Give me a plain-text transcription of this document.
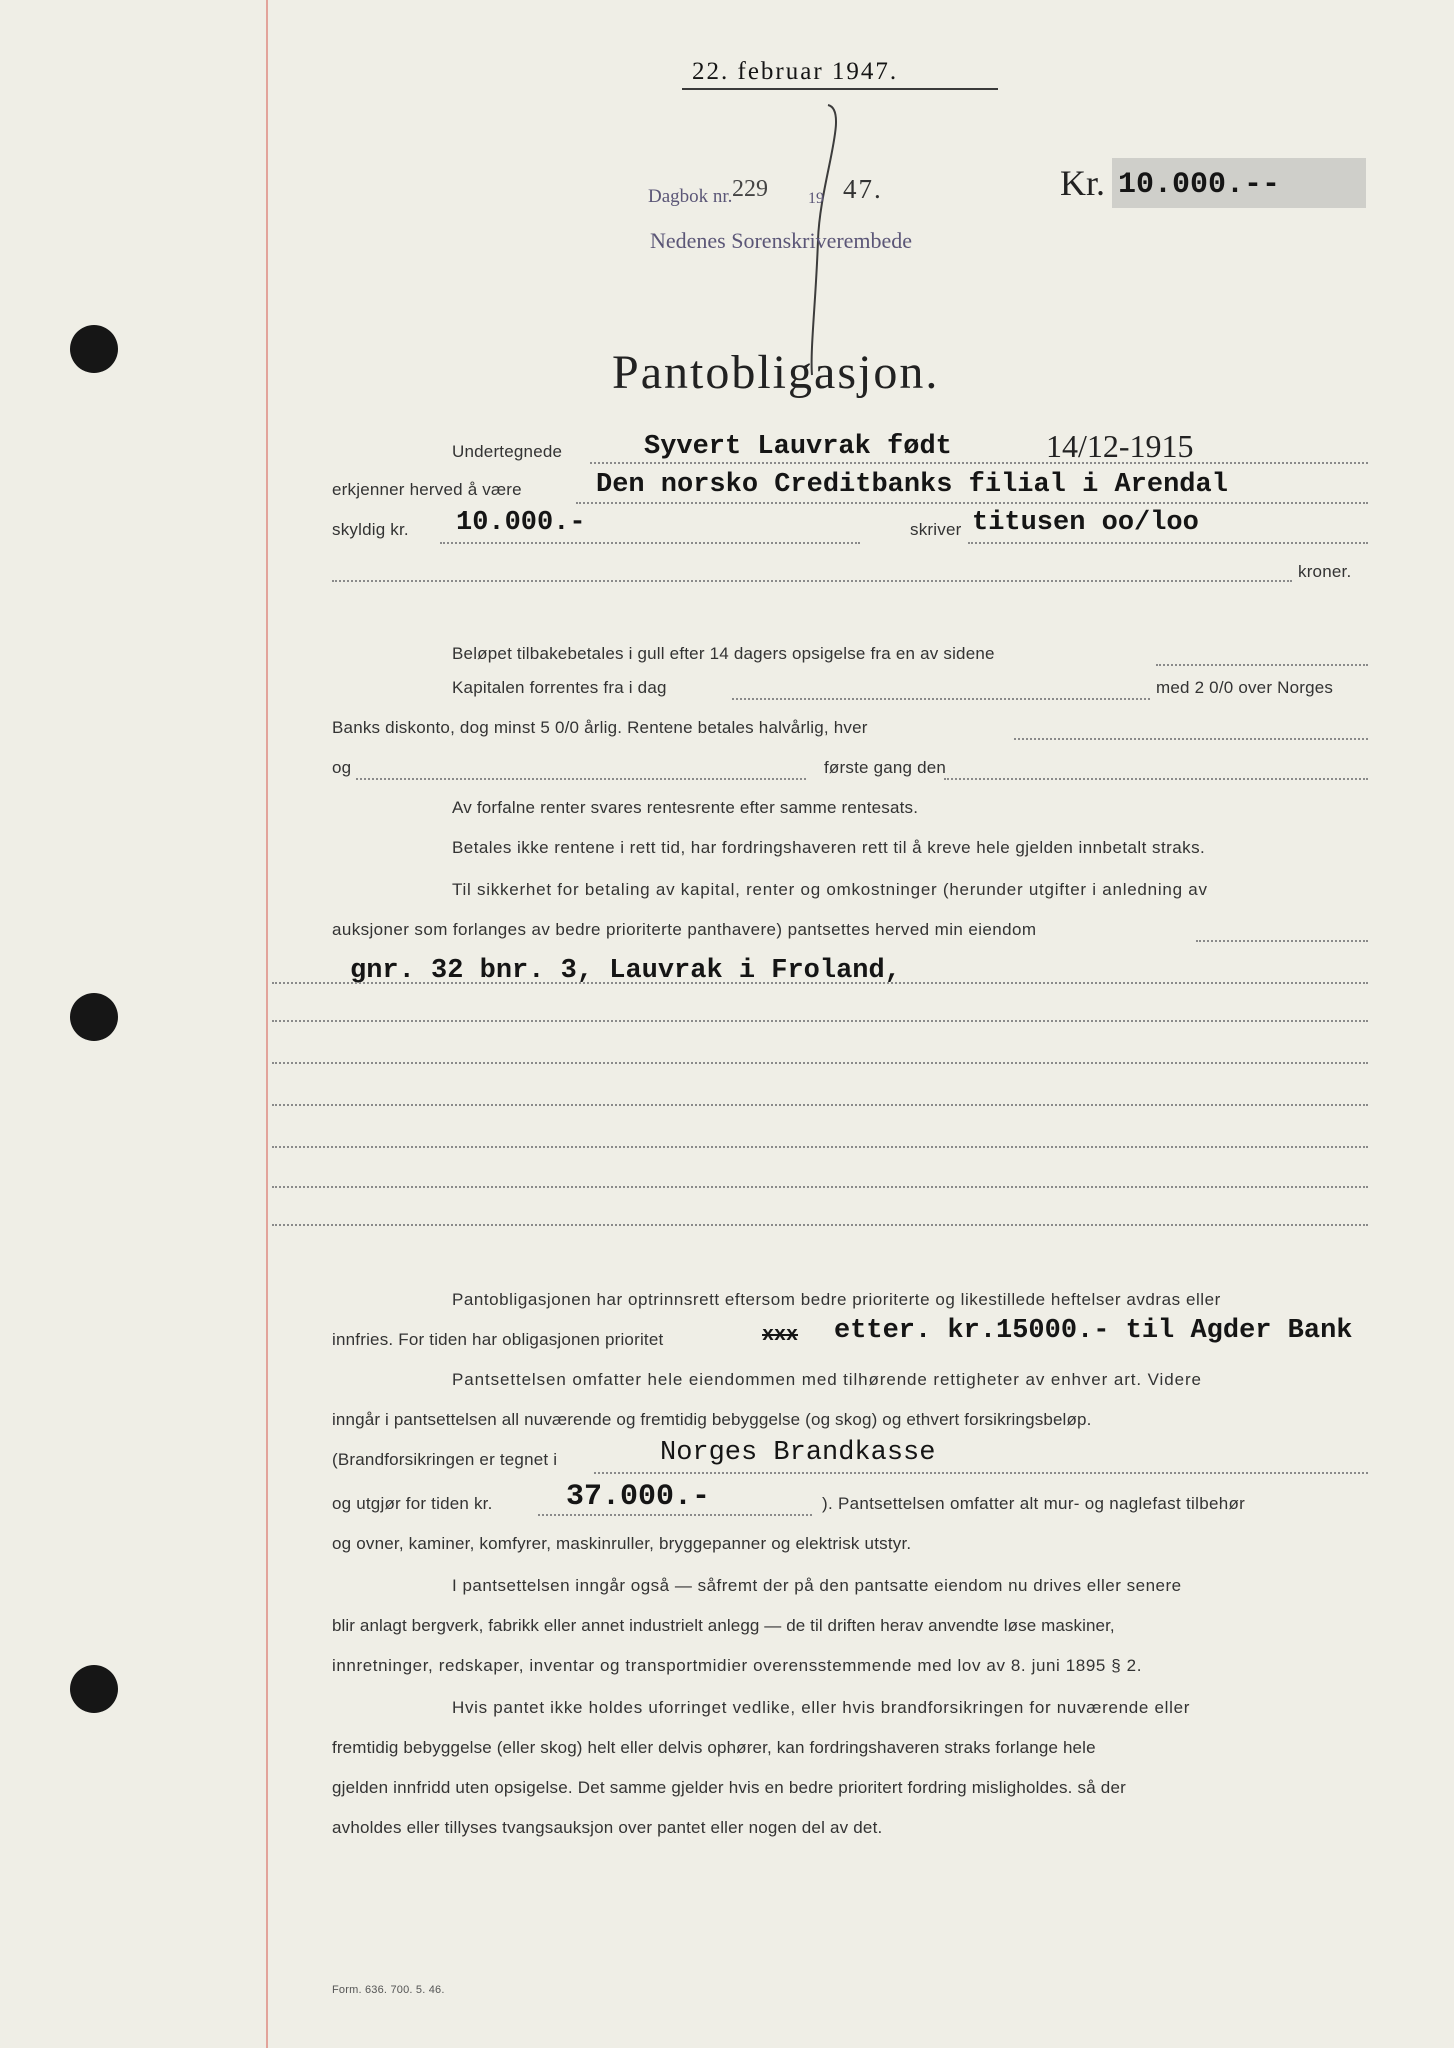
22. februar 1947.
Dagbok nr. 229	19 47.
Nedenes Sorenskriverembede
Kr. 10.000.--
Pantobligasjon.
Undertegnede	Syvert Lauvrak født	14/12-1915
erkjenner herved å være	Den norsko Creditbanks filial i Arendal
skyldig kr. 10.000.-	skriver titusen oo/loo
kroner.
Beløpet tilbakebetales i gull efter 14 dagers opsigelse fra en av sidene
Kapitalen forrentes fra i dag	med 2 0/0 over Norges
Banks diskonto, dog minst 5 0/0 årlig. Rentene betales halvårlig, hver
og	første gang den
Av forfalne renter svares rentesrente efter samme rentesats.
Betales ikke rentene i rett tid, har fordringshaveren rett til å kreve hele gjelden innbetalt straks.
Til sikkerhet for betaling av kapital, renter og omkostninger (herunder utgifter i anledning av
auksjoner som forlanges av bedre prioriterte panthavere) pantsettes herved min eiendom
gnr. 32 bnr. 3, Lauvrak i Froland,
Pantobligasjonen har optrinnsrett eftersom bedre prioriterte og likestillede heftelser avdras eller
innfries. For tiden har obligasjonen prioritet	xxx etter. kr.15000.- til Agder Bank
Pantsettelsen omfatter hele eiendommen med tilhørende rettigheter av enhver art. Videre
inngår i pantsettelsen all nuværende og fremtidig bebyggelse (og skog) og ethvert forsikringsbeløp.
(Brandforsikringen er tegnet i	Norges Brandkasse
og utgjør for tiden kr. 37.000.-	). Pantsettelsen omfatter alt mur- og naglefast tilbehør
og ovner, kaminer, komfyrer, maskinruller, bryggepanner og elektrisk utstyr.
I pantsettelsen inngår også — såfremt der på den pantsatte eiendom nu drives eller senere
blir anlagt bergverk, fabrikk eller annet industrielt anlegg — de til driften herav anvendte løse maskiner,
innretninger, redskaper, inventar og transportmidier overensstemmende med lov av 8. juni 1895 § 2.
Hvis pantet ikke holdes uforringet vedlike, eller hvis brandforsikringen for nuværende eller
fremtidig bebyggelse (eller skog) helt eller delvis ophører, kan fordringshaveren straks forlange hele
gjelden innfridd uten opsigelse. Det samme gjelder hvis en bedre prioritert fordring misligholdes. så der
avholdes eller tillyses tvangsauksjon over pantet eller nogen del av det.
Form. 636. 700. 5. 46.
